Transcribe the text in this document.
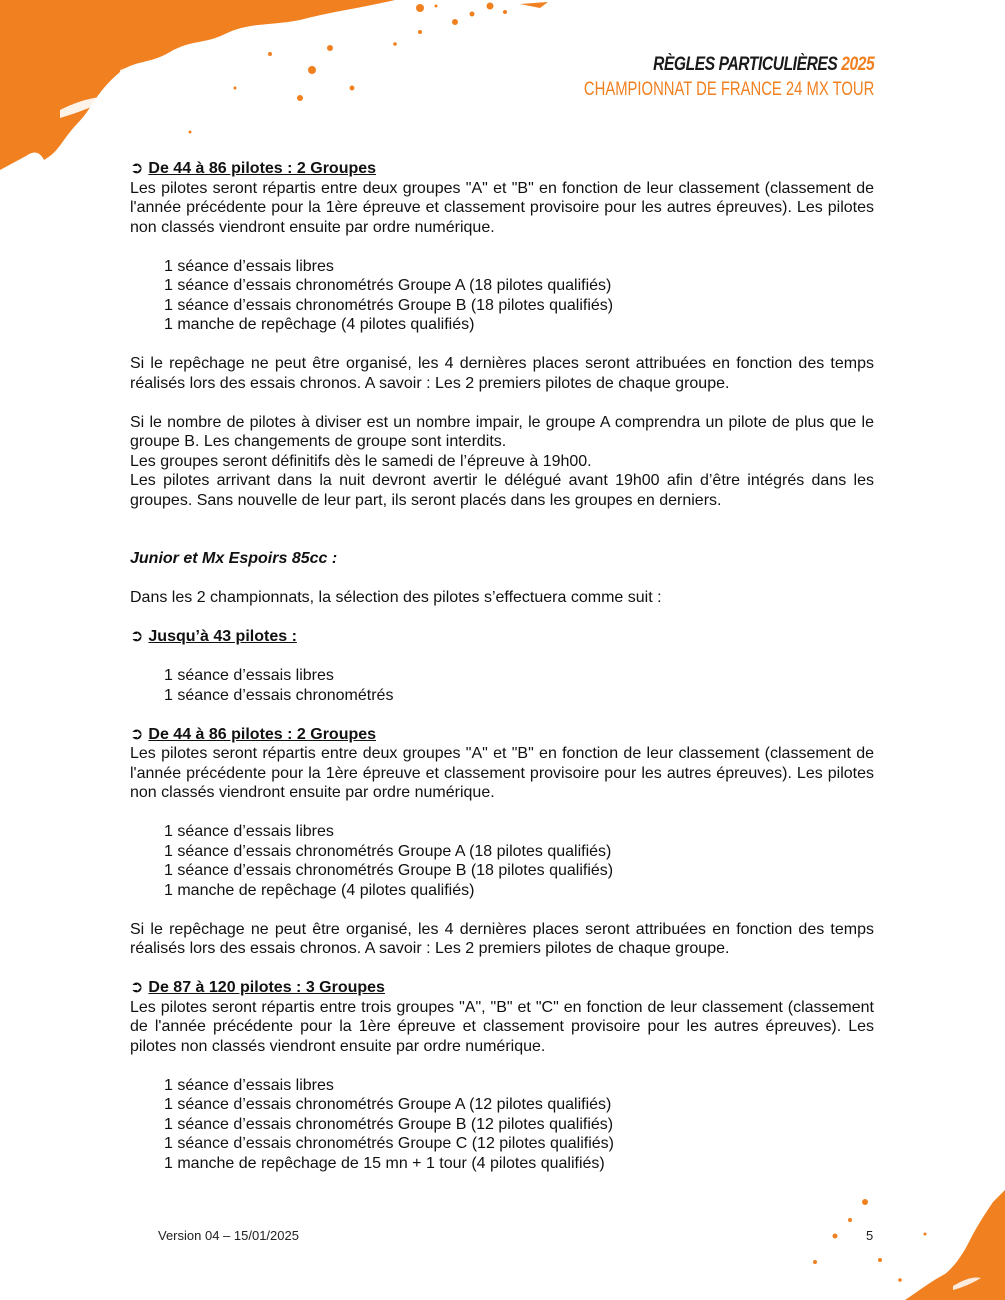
RÈGLES PARTICULIÈRES 2025
CHAMPIONNAT DE FRANCE 24 MX TOUR
➲ De 44 à 86 pilotes : 2 Groupes

Les pilotes seront répartis entre deux groupes "A" et "B" en fonction de leur classement (classement de l'année précédente pour la 1ère épreuve et classement provisoire pour les autres épreuves). Les pilotes non classés viendront ensuite par ordre numérique.

1 séance d’essais libres
1 séance d’essais chronométrés Groupe A (18 pilotes qualifiés)
1 séance d’essais chronométrés Groupe B (18 pilotes qualifiés)
1 manche de repêchage (4 pilotes qualifiés)

Si le repêchage ne peut être organisé, les 4 dernières places seront attribuées en fonction des temps réalisés lors des essais chronos. A savoir : Les 2 premiers pilotes de chaque groupe.

Si le nombre de pilotes à diviser est un nombre impair, le groupe A comprendra un pilote de plus que le groupe B. Les changements de groupe sont interdits.

Les groupes seront définitifs dès le samedi de l’épreuve à 19h00.

Les pilotes arrivant dans la nuit devront avertir le délégué avant 19h00 afin d’être intégrés dans les groupes. Sans nouvelle de leur part, ils seront placés dans les groupes en derniers.

Junior et Mx Espoirs 85cc :

Dans les 2 championnats, la sélection des pilotes s’effectuera comme suit :

➲ Jusqu’à 43 pilotes :
1 séance d’essais libres
1 séance d’essais chronométrés
➲ De 44 à 86 pilotes : 2 Groupes

Les pilotes seront répartis entre deux groupes "A" et "B" en fonction de leur classement (classement de l'année précédente pour la 1ère épreuve et classement provisoire pour les autres épreuves). Les pilotes non classés viendront ensuite par ordre numérique.

1 séance d’essais libres
1 séance d’essais chronométrés Groupe A (18 pilotes qualifiés)
1 séance d’essais chronométrés Groupe B (18 pilotes qualifiés)
1 manche de repêchage (4 pilotes qualifiés)

Si le repêchage ne peut être organisé, les 4 dernières places seront attribuées en fonction des temps réalisés lors des essais chronos. A savoir : Les 2 premiers pilotes de chaque groupe.

➲ De 87 à 120 pilotes : 3 Groupes

Les pilotes seront répartis entre trois groupes "A", "B" et "C" en fonction de leur classement (classement de l'année précédente pour la 1ère épreuve et classement provisoire pour les autres épreuves). Les pilotes non classés viendront ensuite par ordre numérique.

1 séance d’essais libres
1 séance d’essais chronométrés Groupe A (12 pilotes qualifiés)
1 séance d’essais chronométrés Groupe B (12 pilotes qualifiés)
1 séance d’essais chronométrés Groupe C (12 pilotes qualifiés)
1 manche de repêchage de 15 mn + 1 tour (4 pilotes qualifiés)
Version 04 – 15/01/2025	5
